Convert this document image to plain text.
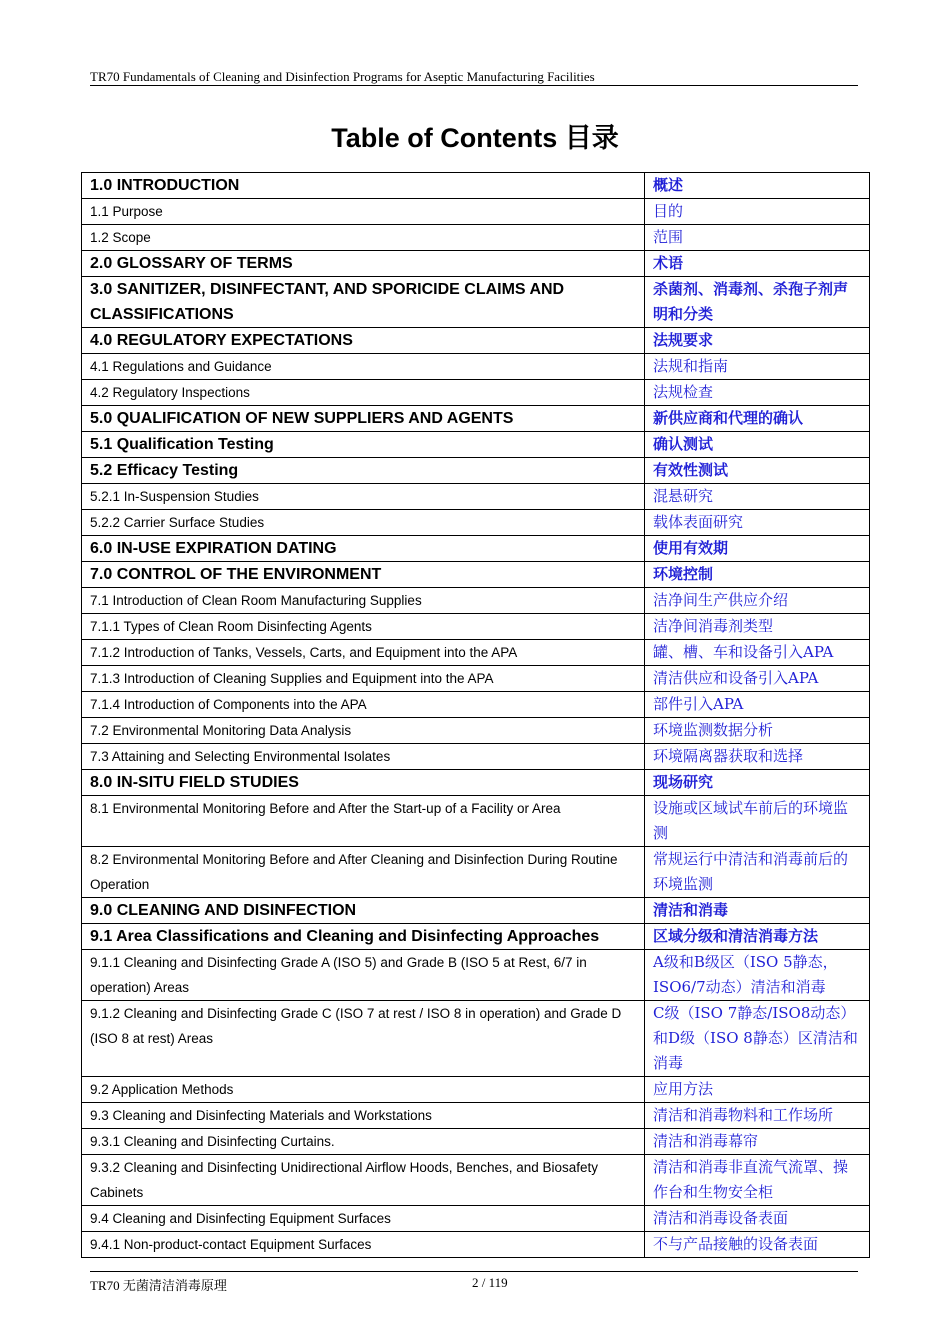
TR70 Fundamentals of Cleaning and Disinfection Programs for Aseptic Manufacturing Facilities
Table of Contents 目录
1.0 INTRODUCTION	概述
1.1 Purpose	目的
1.2 Scope	范围
2.0 GLOSSARY OF TERMS	术语
3.0 SANITIZER, DISINFECTANT, AND SPORICIDE CLAIMS AND CLASSIFICATIONS	杀菌剂、消毒剂、杀孢子剂声明和分类
4.0 REGULATORY EXPECTATIONS	法规要求
4.1 Regulations and Guidance	法规和指南
4.2 Regulatory Inspections	法规检查
5.0 QUALIFICATION OF NEW SUPPLIERS AND AGENTS	新供应商和代理的确认
5.1 Qualification Testing	确认测试
5.2 Efficacy Testing	有效性测试
5.2.1 In-Suspension Studies	混悬研究
5.2.2 Carrier Surface Studies	载体表面研究
6.0 IN-USE EXPIRATION DATING	使用有效期
7.0 CONTROL OF THE ENVIRONMENT	环境控制
7.1 Introduction of Clean Room Manufacturing Supplies	洁净间生产供应介绍
7.1.1 Types of Clean Room Disinfecting Agents	洁净间消毒剂类型
7.1.2 Introduction of Tanks, Vessels, Carts, and Equipment into the APA	罐、槽、车和设备引入APA
7.1.3 Introduction of Cleaning Supplies and Equipment into the APA	清洁供应和设备引入APA
7.1.4 Introduction of Components into the APA	部件引入APA
7.2 Environmental Monitoring Data Analysis	环境监测数据分析
7.3 Attaining and Selecting Environmental Isolates	环境隔离器获取和选择
8.0 IN-SITU FIELD STUDIES	现场研究
8.1 Environmental Monitoring Before and After the Start-up of a Facility or Area	设施或区域试车前后的环境监测
8.2 Environmental Monitoring Before and After Cleaning and Disinfection During Routine Operation	常规运行中清洁和消毒前后的环境监测
9.0 CLEANING AND DISINFECTION	清洁和消毒
9.1 Area Classifications and Cleaning and Disinfecting Approaches	区域分级和清洁消毒方法
9.1.1 Cleaning and Disinfecting Grade A (ISO 5) and Grade B (ISO 5 at Rest, 6/7 in operation) Areas	A级和B级区（ISO 5静态，ISO6/7动态）清洁和消毒
9.1.2 Cleaning and Disinfecting Grade C (ISO 7 at rest / ISO 8 in operation) and Grade D (ISO 8 at rest) Areas	C级（ISO 7静态/ISO8动态）和D级（ISO 8静态）区清洁和消毒
9.2 Application Methods	应用方法
9.3 Cleaning and Disinfecting Materials and Workstations	清洁和消毒物料和工作场所
9.3.1 Cleaning and Disinfecting Curtains.	清洁和消毒幕帘
9.3.2 Cleaning and Disinfecting Unidirectional Airflow Hoods, Benches, and Biosafety Cabinets	清洁和消毒非直流气流罩、操作台和生物安全柜
9.4 Cleaning and Disinfecting Equipment Surfaces	清洁和消毒设备表面
9.4.1 Non-product-contact Equipment Surfaces	不与产品接触的设备表面
TR70 无菌清洁消毒原理	2 / 119
